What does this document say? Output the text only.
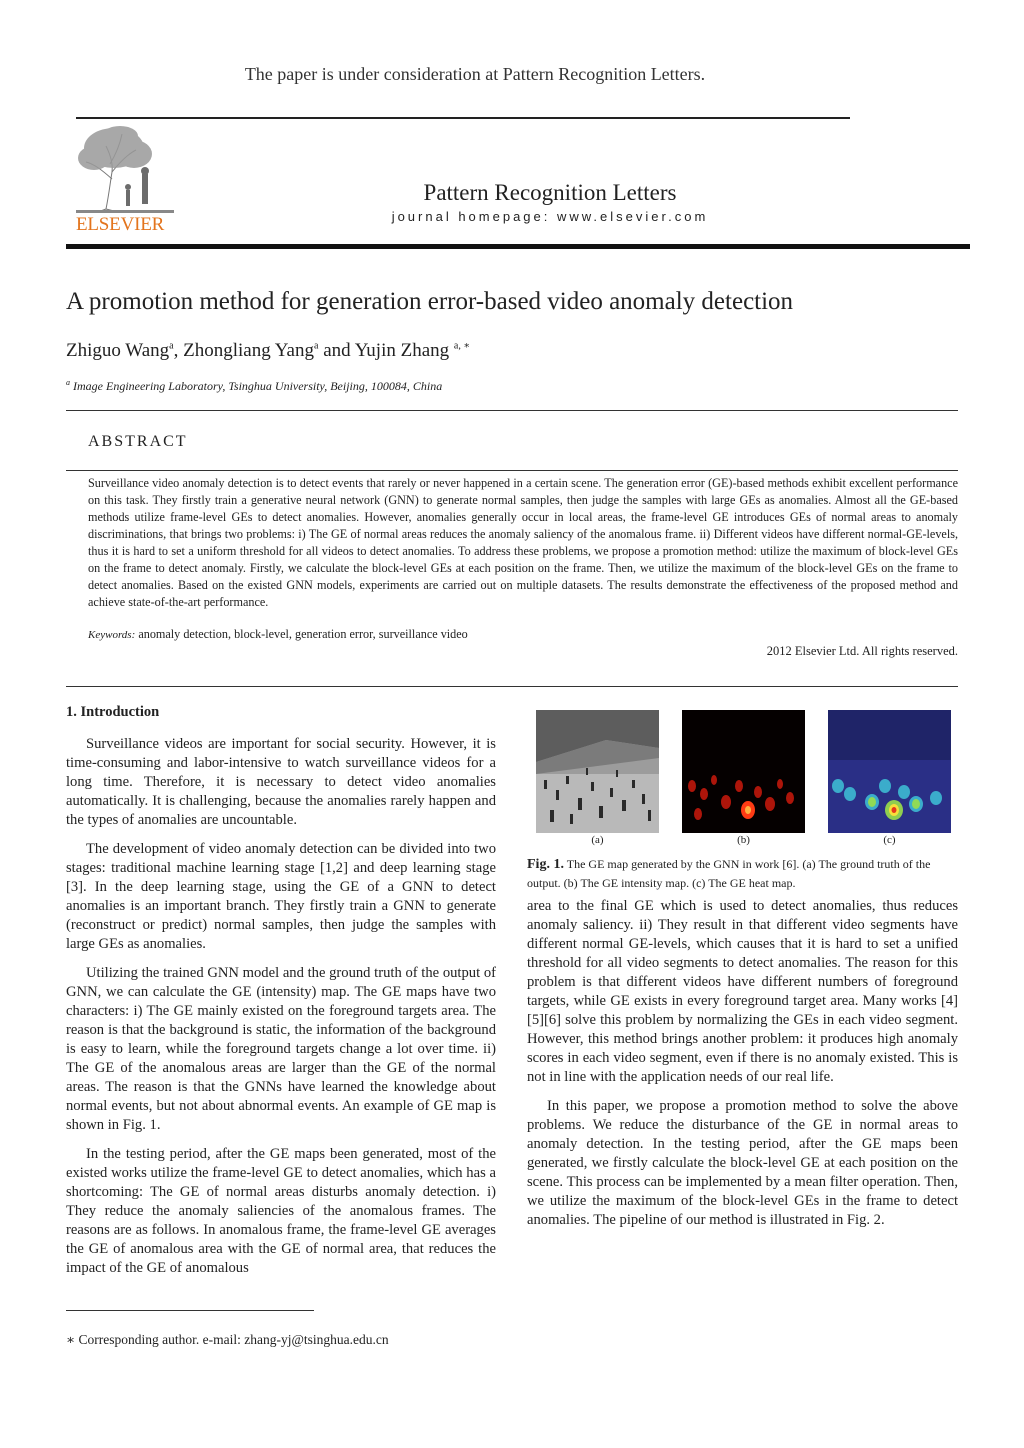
The paper is under consideration at Pattern Recognition Letters.
ELSEVIER
Pattern Recognition Letters
journal homepage: www.elsevier.com
A promotion method for generation error-based video anomaly detection
Zhiguo Wang$^a$, Zhongliang Yang$^a$ and Yujin Zhang $^{a, ∗}$
$^a$ Image Engineering Laboratory, Tsinghua University, Beijing, 100084, China
ABSTRACT
Surveillance video anomaly detection is to detect events that rarely or never happened in a certain scene. The generation error (GE)-based methods exhibit excellent performance on this task. They firstly train a generative neural network (GNN) to generate normal samples, then judge the samples with large GEs as anomalies. Almost all the GE-based methods utilize frame-level GEs to detect anomalies. However, anomalies generally occur in local areas, the frame-level GE introduces GEs of normal areas to anomaly discriminations, that brings two problems: i) The GE of normal areas reduces the anomaly saliency of the anomalous frame. ii) Different videos have different normal-GE-levels, thus it is hard to set a uniform threshold for all videos to detect anomalies. To address these problems, we propose a promotion method: utilize the maximum of block-level GEs on the frame to detect anomaly. Firstly, we calculate the block-level GEs at each position on the frame. Then, we utilize the maximum of the block-level GEs on the frame to detect anomalies. Based on the existed GNN models, experiments are carried out on multiple datasets. The results demonstrate the effectiveness of the proposed method and achieve state-of-the-art performance.
Keywords: anomaly detection, block-level, generation error, surveillance video
2012 Elsevier Ltd. All rights reserved.
1. Introduction

Surveillance videos are important for social security. However, it is time-consuming and labor-intensive to watch surveillance videos for a long time. Therefore, it is necessary to detect video anomalies automatically. It is challenging, because the anomalies rarely happen and the types of anomalies are uncountable.

The development of video anomaly detection can be divided into two stages: traditional machine learning stage [1,2] and deep learning stage [3]. In the deep learning stage, using the GE of a GNN to detect anomalies is an important branch. They firstly train a GNN to generate (reconstruct or predict) normal samples, then judge the samples with large GEs as anomalies.

Utilizing the trained GNN model and the ground truth of the output of GNN, we can calculate the GE (intensity) map. The GE maps have two characters: i) The GE mainly existed on the foreground targets area. The reason is that the background is static, the information of the background is easy to learn, while the foreground targets change a lot over time. ii) The GE of the anomalous areas are larger than the GE of the normal areas. The reason is that the GNNs have learned the knowledge about normal events, but not about abnormal events. An example of GE map is shown in Fig. 1.

In the testing period, after the GE maps been generated, most of the existed works utilize the frame-level GE to detect anomalies, which has a shortcoming: The GE of normal areas disturbs anomaly detection. i) They reduce the anomaly saliencies of the anomalous frames. The reasons are as follows. In anomalous frame, the frame-level GE averages the GE of anomalous area with the GE of normal area, that reduces the impact of the GE of anomalous

(a)	(b)	(c)
Fig. 1. The GE map generated by the GNN in work [6]. (a) The ground truth of the output. (b) The GE intensity map. (c) The GE heat map.

area to the final GE which is used to detect anomalies, thus reduces anomaly saliency. ii) They result in that different video segments have different normal GE-levels, which causes that it is hard to set a unified threshold for all video segments to detect anomalies. The reason for this problem is that different videos have different numbers of foreground targets, while GE exists in every foreground target area. Many works [4][5][6] solve this problem by normalizing the GEs in each video segment. However, this method brings another problem: it produces high anomaly scores in each video segment, even if there is no anomaly existed. This is not in line with the application needs of our real life.

In this paper, we propose a promotion method to solve the above problems. We reduce the disturbance of the GE in normal areas to anomaly detection. In the testing period, after the GE maps been generated, we firstly calculate the block-level GE at each position on the scene. This process can be implemented by a mean filter operation. Then, we utilize the maximum of the block-level GEs in the frame to detect anomalies. The pipeline of our method is illustrated in Fig. 2.

∗ Corresponding author. e-mail: zhang-yj@tsinghua.edu.cn
